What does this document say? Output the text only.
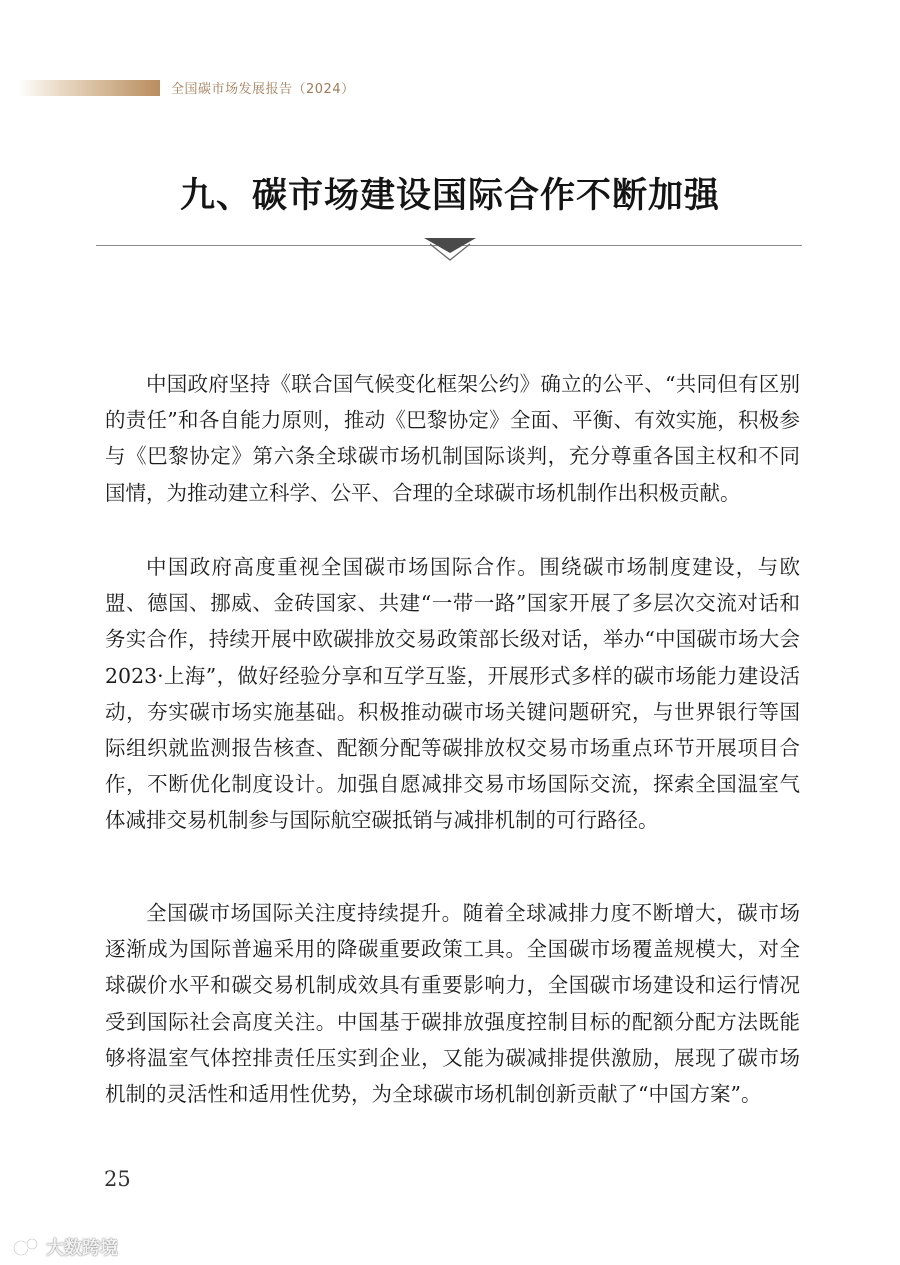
全国碳市场发展报告（2024）
九、碳市场建设国际合作不断加强

中国政府坚持《联合国气候变化框架公约》确立的公平、“共同但有区别的责任”和各自能力原则，推动《巴黎协定》全面、平衡、有效实施，积极参与《巴黎协定》第六条全球碳市场机制国际谈判，充分尊重各国主权和不同国情，为推动建立科学、公平、合理的全球碳市场机制作出积极贡献。

中国政府高度重视全国碳市场国际合作。围绕碳市场制度建设，与欧盟、德国、挪威、金砖国家、共建“一带一路”国家开展了多层次交流对话和务实合作，持续开展中欧碳排放交易政策部长级对话，举办“中国碳市场大会2023·上海”，做好经验分享和互学互鉴，开展形式多样的碳市场能力建设活动，夯实碳市场实施基础。积极推动碳市场关键问题研究，与世界银行等国际组织就监测报告核查、配额分配等碳排放权交易市场重点环节开展项目合作，不断优化制度设计。加强自愿减排交易市场国际交流，探索全国温室气体减排交易机制参与国际航空碳抵销与减排机制的可行路径。

全国碳市场国际关注度持续提升。随着全球减排力度不断增大，碳市场逐渐成为国际普遍采用的降碳重要政策工具。全国碳市场覆盖规模大，对全球碳价水平和碳交易机制成效具有重要影响力，全国碳市场建设和运行情况受到国际社会高度关注。中国基于碳排放强度控制目标的配额分配方法既能够将温室气体控排责任压实到企业，又能为碳减排提供激励，展现了碳市场机制的灵活性和适用性优势，为全球碳市场机制创新贡献了“中国方案”。

25
大数跨境
